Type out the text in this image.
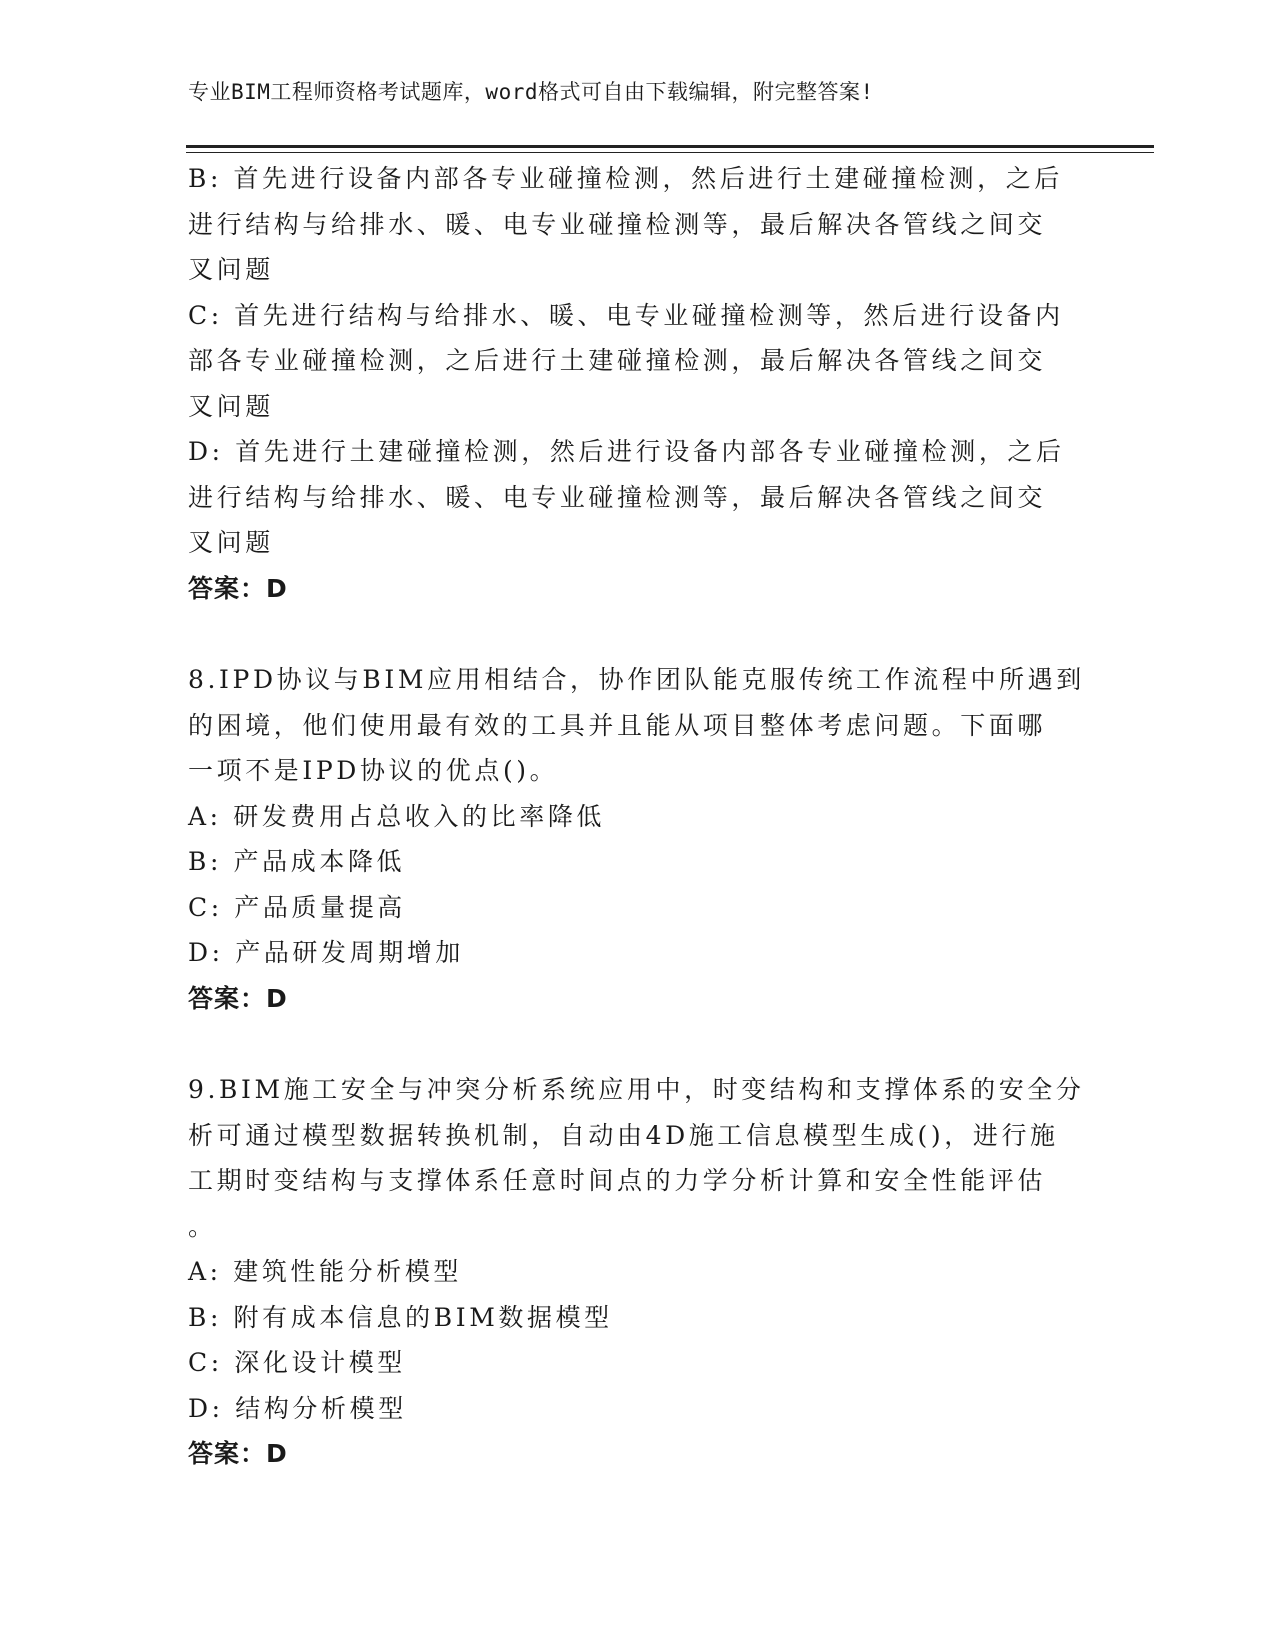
专业BIM工程师资格考试题库，word格式可自由下载编辑，附完整答案!
B: 首先进行设备内部各专业碰撞检测，然后进行土建碰撞检测，之后
进行结构与给排水、暖、电专业碰撞检测等，最后解决各管线之间交
叉问题
C: 首先进行结构与给排水、暖、电专业碰撞检测等，然后进行设备内
部各专业碰撞检测，之后进行土建碰撞检测，最后解决各管线之间交
叉问题
D: 首先进行土建碰撞检测，然后进行设备内部各专业碰撞检测，之后
进行结构与给排水、暖、电专业碰撞检测等，最后解决各管线之间交
叉问题
答案：D
8.IPD协议与BIM应用相结合，协作团队能克服传统工作流程中所遇到
的困境，他们使用最有效的工具并且能从项目整体考虑问题。下面哪
一项不是IPD协议的优点()。
A: 研发费用占总收入的比率降低
B: 产品成本降低
C: 产品质量提高
D: 产品研发周期增加
答案：D
9.BIM施工安全与冲突分析系统应用中，时变结构和支撑体系的安全分
析可通过模型数据转换机制，自动由4D施工信息模型生成()，进行施
工期时变结构与支撑体系任意时间点的力学分析计算和安全性能评估
。
A: 建筑性能分析模型
B: 附有成本信息的BIM数据模型
C: 深化设计模型
D: 结构分析模型
答案：D
